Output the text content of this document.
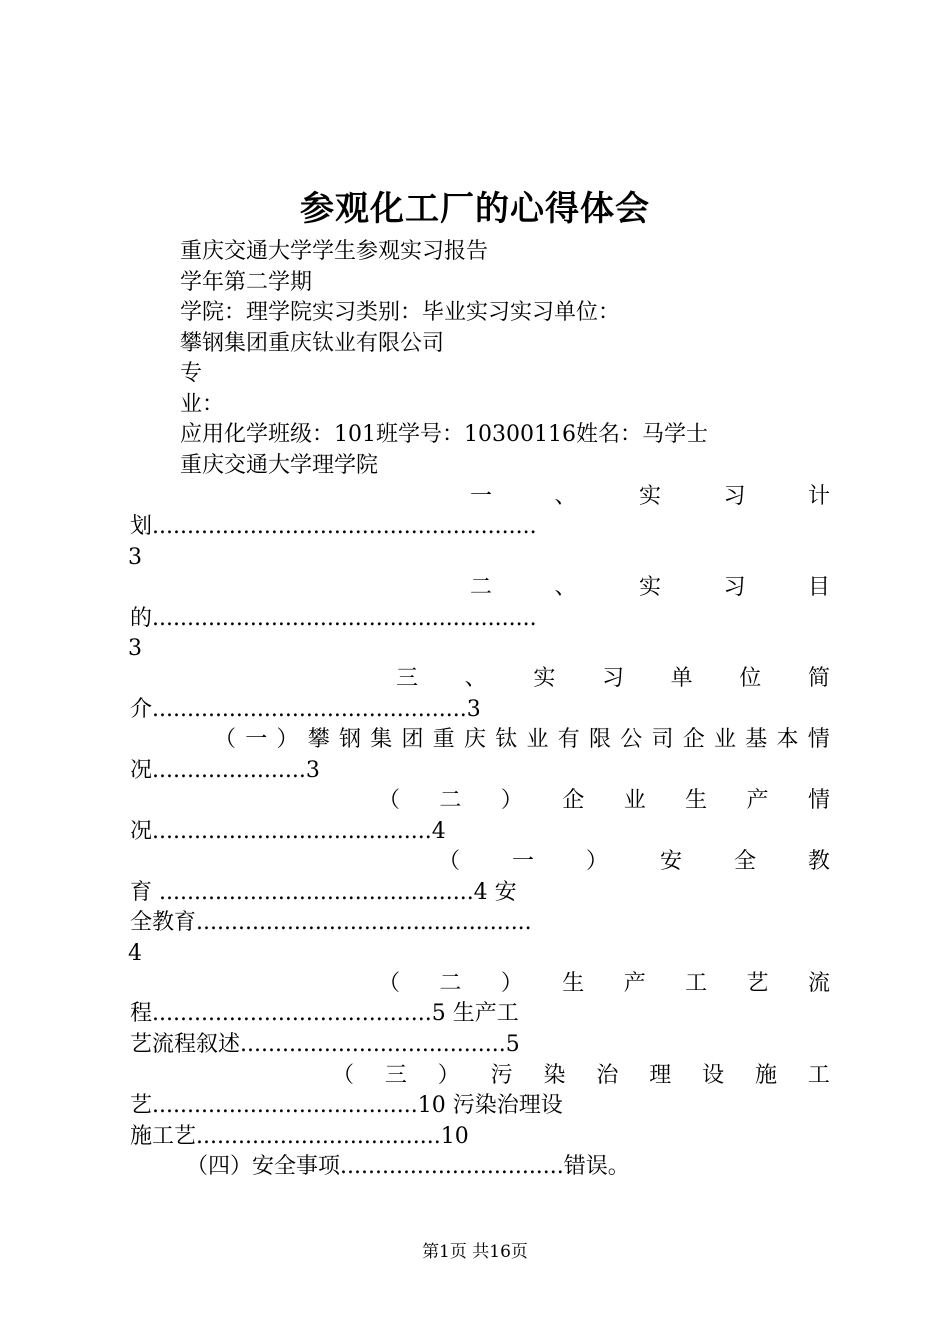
参观化工厂的心得体会
重庆交通大学学生参观实习报告
学年第二学期
学院：理学院实习类别：毕业实习实习单位：
攀钢集团重庆钛业有限公司
专
业：
应用化学班级：101班学号：10300116姓名：马学士
重庆交通大学理学院
一	、	实	习	计
划.......................................................
3
二	、	实	习	目
的.......................................................
3
三 、 实 习 单 位 简
介.............................................3
（ 一 ） 攀 钢 集 团 重 庆 钛 业 有 限 公 司 企 业 基 本 情
况......................3
（ 二 ） 企 业 生 产 情
况........................................4
（ 一 ） 安 全 教
育 .............................................4 安
全教育................................................
4
（ 二 ） 生 产 工 艺 流
程........................................5 生产工
艺流程叙述......................................5
（ 三 ） 污 染 治 理 设 施 工
艺......................................10 污染治理设
施工艺...................................10
（四）安全事项................................错误。
第1页 共16页
